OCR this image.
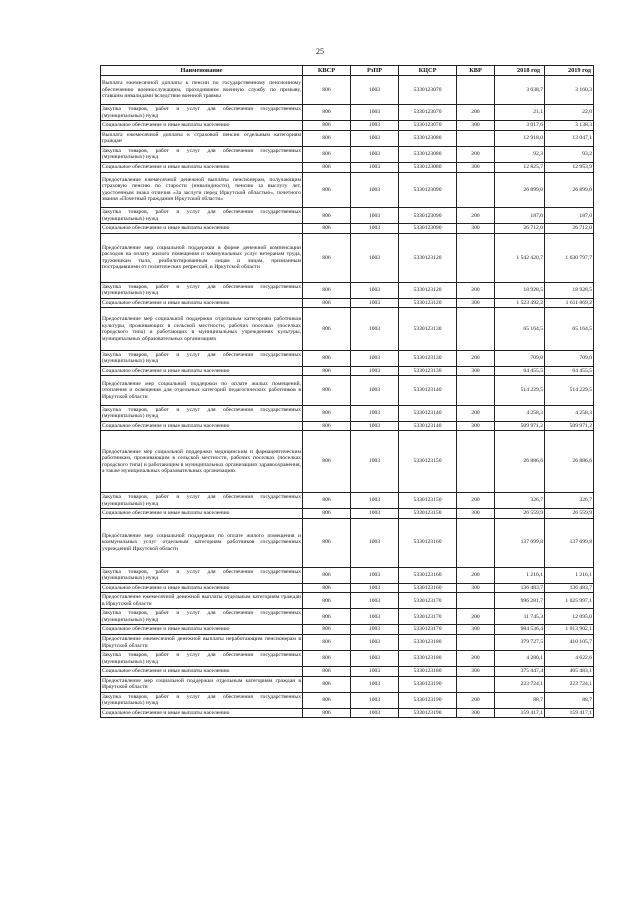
25
Наименование	КВСР	РзПР	КЦСР	КВР	2018 год	2019 год
Выплата ежемесячной доплаты к пенсии по государственному пенсионному обеспечению военнослужащим, проходившим военную службу по призыву, ставшим инвалидами вследствие военной травмы	806	1003	5330123070		3 038,7	3 160,3
Закупка товаров, работ и услуг для обеспечения государственных (муниципальных) нужд	806	1003	5330123070	200	21,1	22,0
Социальное обеспечение и иные выплаты населению	806	1003	5330123070	300	3 017,6	3 138,3
Выплата ежемесячной доплаты к страховой пенсии отдельным категориям граждан	806	1003	5330123080		12 918,0	13 047,1
Закупка товаров, работ и услуг для обеспечения государственных (муниципальных) нужд	806	1003	5330123080	200	92,3	93,2
Социальное обеспечение и иные выплаты населению	806	1003	5330123080	300	12 825,7	12 953,9
Предоставление ежемесячной денежной выплаты пенсионерам, получающим страховую пенсию по старости (инвалидности), пенсию за выслугу лет, удостоенным знака отличия «За заслуги перед Иркутской областью», почетного звания «Почетный гражданин Иркутской области»	806	1003	5330123090		26 899,0	26 899,0
Закупка товаров, работ и услуг для обеспечения государственных (муниципальных) нужд	806	1003	5330123090	200	187,0	187,0
Социальное обеспечение и иные выплаты населению	806	1003	5330123090	300	26 712,0	26 712,0
Предоставление мер социальной поддержки в форме денежной компенсации расходов на оплату жилого помещения и коммунальных услуг ветеранам труда, труженикам тыла, реабилитированным лицам и лицам, признанным пострадавшими от политических репрессий, в Иркутской области	806	1003	5330123120		1 542 420,7	1 630 797,7
Закупка товаров, работ и услуг для обеспечения государственных (муниципальных) нужд	806	1003	5330123120	200	18 928,5	18 928,5
Социальное обеспечение и иные выплаты населению	806	1003	5330123120	300	1 523 492,2	1 611 869,2
Предоставление мер социальной поддержки отдельным категориям работников культуры, проживающих в сельской местности, рабочих поселках (поселках городского типа) и работающих в муниципальных учреждениях культуры, муниципальных образовательных организациях	806	1003	5330123130		65 164,5	65 164,5
Закупка товаров, работ и услуг для обеспечения государственных (муниципальных) нужд	806	1003	5330123130	200	709,0	709,0
Социальное обеспечение и иные выплаты населению	806	1003	5330123130	300	64 455,5	64 455,5
Предоставление мер социальной поддержки по оплате жилых помещений, отопления и освещения для отдельных категорий педагогических работников в Иркутской области	806	1003	5330123140		514 229,5	514 229,5
Закупка товаров, работ и услуг для обеспечения государственных (муниципальных) нужд	806	1003	5330123140	200	4 258,3	4 258,3
Социальное обеспечение и иные выплаты населению	806	1003	5330123140	300	509 971,2	509 971,2
Предоставление мер социальной поддержки медицинским и фармацевтическим работникам, проживающим в сельской местности, рабочих поселках (поселках городского типа) и работающим в муниципальных организациях здравоохранения, а также муниципальных образовательных организациях	806	1003	5330123150		26 886,6	26 886,6
Закупка товаров, работ и услуг для обеспечения государственных (муниципальных) нужд	806	1003	5330123150	200	326,7	326,7
Социальное обеспечение и иные выплаты населению	806	1003	5330123150	300	26 559,9	26 559,9
Предоставление мер социальной поддержки по оплате жилого помещения и коммунальных услуг отдельным категориям работников государственных учреждений Иркутской области	806	1003	5330123160		137 699,8	137 699,8
Закупка товаров, работ и услуг для обеспечения государственных (муниципальных) нужд	806	1003	5330123160	200	1 216,1	1 216,1
Социальное обеспечение и иные выплаты населению	806	1003	5330123160	300	136 483,7	136 483,7
Предоставление ежемесячной денежной выплаты отдельным категориям граждан в Иркутской области	806	1003	5330123170		996 281,7	1 025 997,1
Закупка товаров, работ и услуг для обеспечения государственных (муниципальных) нужд	806	1003	5330123170	200	11 745,3	12 095,0
Социальное обеспечение и иные выплаты населению	806	1003	5330123170	300	984 536,4	1 013 902,1
Предоставление ежемесячной денежной выплаты неработающим пенсионерам в Иркутской области	806	1003	5330123180		379 727,5	410 105,7
Закупка товаров, работ и услуг для обеспечения государственных (муниципальных) нужд	806	1003	5330123180	200	4 280,1	4 622,6
Социальное обеспечение и иные выплаты населению	806	1003	5330123180	300	375 447,4	405 483,1
Предоставление мер социальной поддержки отдельным категориям граждан в Иркутской области	806	1003	5330123190		223 724,1	223 724,1
Закупка товаров, работ и услуг для обеспечения государственных (муниципальных) нужд	806	1003	5330123190	200	88,7	88,7
Социальное обеспечение и иные выплаты населению	806	1003	5330123190	300	159 417,1	159 417,1
